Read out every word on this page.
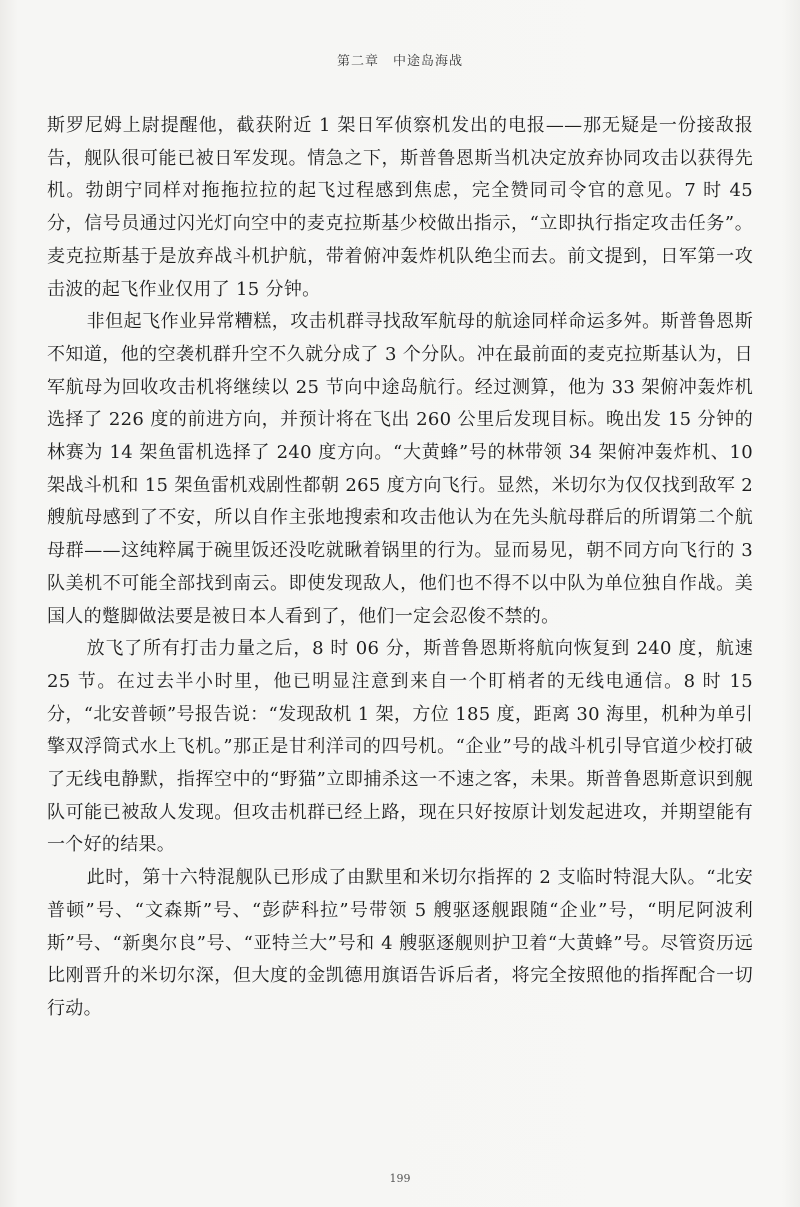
第二章　中途岛海战

斯罗尼姆上尉提醒他，截获附近 1 架日军侦察机发出的电报——那无疑是一份接敌报告，舰队很可能已被日军发现。情急之下，斯普鲁恩斯当机决定放弃协同攻击以获得先机。勃朗宁同样对拖拖拉拉的起飞过程感到焦虑，完全赞同司令官的意见。7 时 45 分，信号员通过闪光灯向空中的麦克拉斯基少校做出指示，“立即执行指定攻击任务”。麦克拉斯基于是放弃战斗机护航，带着俯冲轰炸机队绝尘而去。前文提到，日军第一攻击波的起飞作业仅用了 15 分钟。

非但起飞作业异常糟糕，攻击机群寻找敌军航母的航途同样命运多舛。斯普鲁恩斯不知道，他的空袭机群升空不久就分成了 3 个分队。冲在最前面的麦克拉斯基认为，日军航母为回收攻击机将继续以 25 节向中途岛航行。经过测算，他为 33 架俯冲轰炸机选择了 226 度的前进方向，并预计将在飞出 260 公里后发现目标。晚出发 15 分钟的林赛为 14 架鱼雷机选择了 240 度方向。“大黄蜂”号的林带领 34 架俯冲轰炸机、10 架战斗机和 15 架鱼雷机戏剧性都朝 265 度方向飞行。显然，米切尔为仅仅找到敌军 2 艘航母感到了不安，所以自作主张地搜索和攻击他认为在先头航母群后的所谓第二个航母群——这纯粹属于碗里饭还没吃就瞅着锅里的行为。显而易见，朝不同方向飞行的 3 队美机不可能全部找到南云。即使发现敌人，他们也不得不以中队为单位独自作战。美国人的蹩脚做法要是被日本人看到了，他们一定会忍俊不禁的。

放飞了所有打击力量之后，8 时 06 分，斯普鲁恩斯将航向恢复到 240 度，航速 25 节。在过去半小时里，他已明显注意到来自一个盯梢者的无线电通信。8 时 15 分，“北安普顿”号报告说：“发现敌机 1 架，方位 185 度，距离 30 海里，机种为单引擎双浮筒式水上飞机。”那正是甘利洋司的四号机。“企业”号的战斗机引导官道少校打破了无线电静默，指挥空中的“野猫”立即捕杀这一不速之客，未果。斯普鲁恩斯意识到舰队可能已被敌人发现。但攻击机群已经上路，现在只好按原计划发起进攻，并期望能有一个好的结果。

此时，第十六特混舰队已形成了由默里和米切尔指挥的 2 支临时特混大队。“北安普顿”号、“文森斯”号、“彭萨科拉”号带领 5 艘驱逐舰跟随“企业”号，“明尼阿波利斯”号、“新奥尔良”号、“亚特兰大”号和 4 艘驱逐舰则护卫着“大黄蜂”号。尽管资历远比刚晋升的米切尔深，但大度的金凯德用旗语告诉后者，将完全按照他的指挥配合一切行动。

199
